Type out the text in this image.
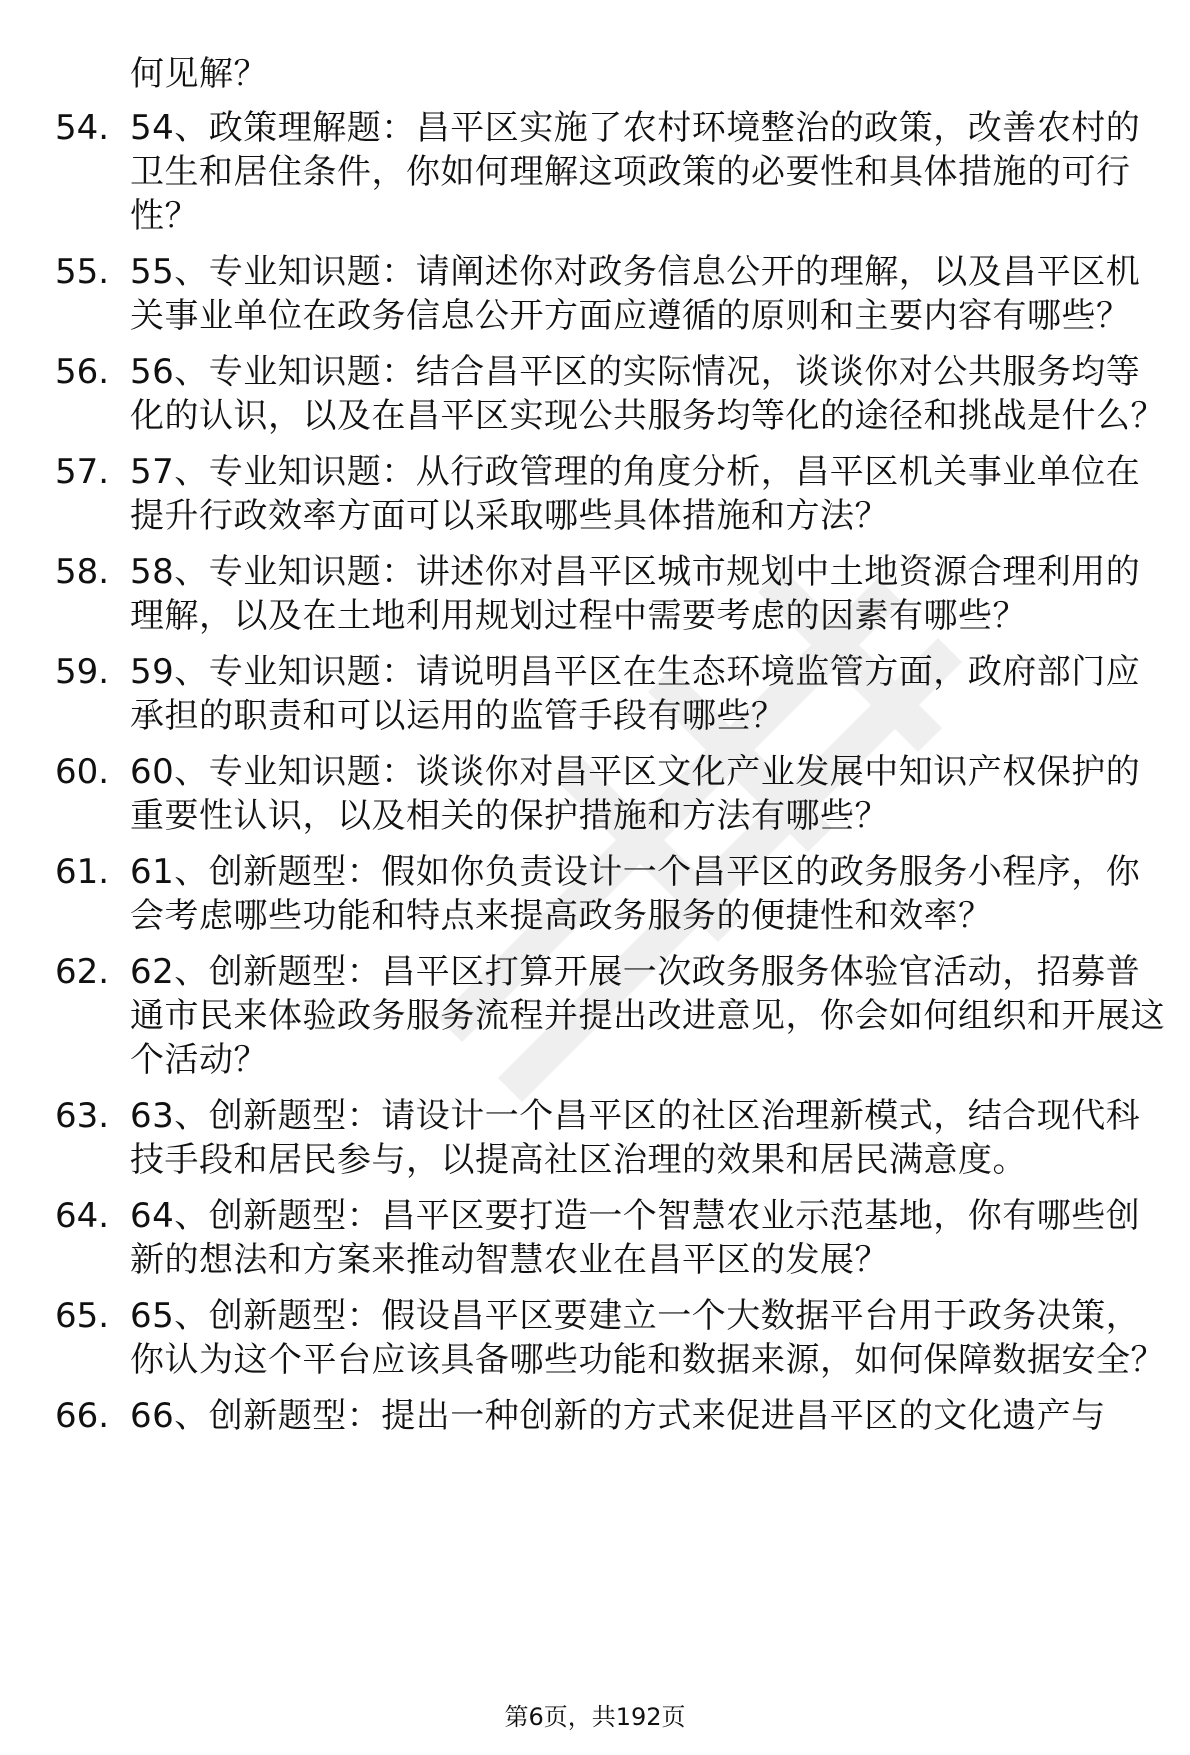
何见解？

54. 54、政策理解题：昌平区实施了农村环境整治的政策，改善农村的卫生和居住条件，你如何理解这项政策的必要性和具体措施的可行性？
55. 55、专业知识题：请阐述你对政务信息公开的理解，以及昌平区机关事业单位在政务信息公开方面应遵循的原则和主要内容有哪些？
56. 56、专业知识题：结合昌平区的实际情况，谈谈你对公共服务均等化的认识，以及在昌平区实现公共服务均等化的途径和挑战是什么？
57. 57、专业知识题：从行政管理的角度分析，昌平区机关事业单位在提升行政效率方面可以采取哪些具体措施和方法？
58. 58、专业知识题：讲述你对昌平区城市规划中土地资源合理利用的理解，以及在土地利用规划过程中需要考虑的因素有哪些？
59. 59、专业知识题：请说明昌平区在生态环境监管方面，政府部门应承担的职责和可以运用的监管手段有哪些？
60. 60、专业知识题：谈谈你对昌平区文化产业发展中知识产权保护的重要性认识，以及相关的保护措施和方法有哪些？
61. 61、创新题型：假如你负责设计一个昌平区的政务服务小程序，你会考虑哪些功能和特点来提高政务服务的便捷性和效率？
62. 62、创新题型：昌平区打算开展一次政务服务体验官活动，招募普通市民来体验政务服务流程并提出改进意见，你会如何组织和开展这个活动？
63. 63、创新题型：请设计一个昌平区的社区治理新模式，结合现代科技手段和居民参与，以提高社区治理的效果和居民满意度。
64. 64、创新题型：昌平区要打造一个智慧农业示范基地，你有哪些创新的想法和方案来推动智慧农业在昌平区的发展？
65. 65、创新题型：假设昌平区要建立一个大数据平台用于政务决策，你认为这个平台应该具备哪些功能和数据来源，如何保障数据安全？
66. 66、创新题型：提出一种创新的方式来促进昌平区的文化遗产与
第6页，共192页
